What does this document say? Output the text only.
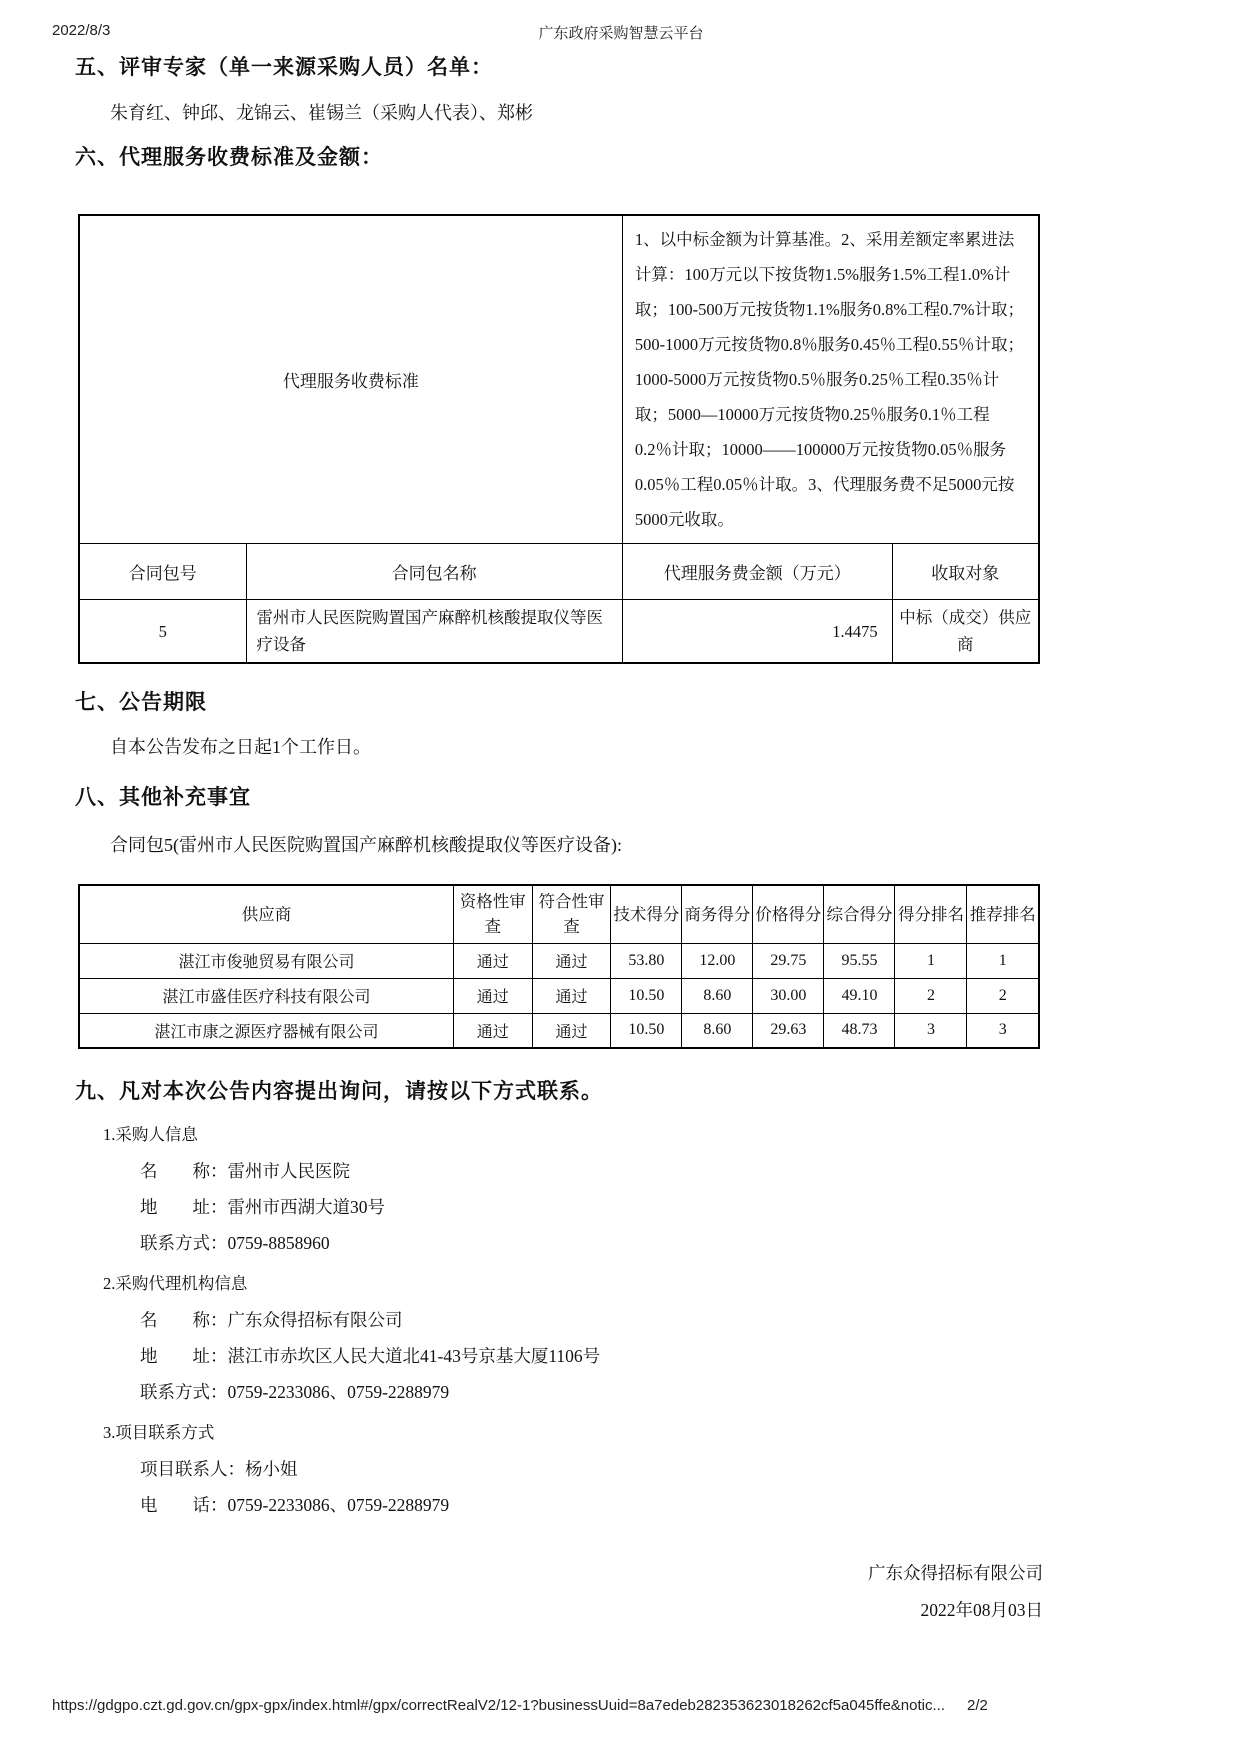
2022/8/3	广东政府采购智慧云平台
五、评审专家（单一来源采购人员）名单：
朱育红、钟邱、龙锦云、崔锡兰（采购人代表）、郑彬
六、代理服务收费标准及金额：
代理服务收费标准		1、以中标金额为计算基准。2、采用差额定率累进法计算：100万元以下按货物1.5%服务1.5%工程1.0%计取；100-500万元按货物1.1%服务0.8%工程0.7%计取；500-1000万元按货物0.8％服务0.45％工程0.55％计取；1000-5000万元按货物0.5％服务0.25％工程0.35％计取；5000—10000万元按货物0.25％服务0.1％工程0.2％计取；10000——100000万元按货物0.05％服务0.05％工程0.05％计取。3、代理服务费不足5000元按5000元收取。	
合同包号	合同包名称	代理服务费金额（万元）	收取对象
5	雷州市人民医院购置国产麻醉机核酸提取仪等医疗设备	1.4475	中标（成交）供应商
七、公告期限
自本公告发布之日起1个工作日。
八、其他补充事宜
合同包5(雷州市人民医院购置国产麻醉机核酸提取仪等医疗设备):
供应商	资格性审查	符合性审查	技术得分	商务得分	价格得分	综合得分	得分排名	推荐排名
湛江市俊驰贸易有限公司	通过	通过	53.80	12.00	29.75	95.55	1	1
湛江市盛佳医疗科技有限公司	通过	通过	10.50	8.60	30.00	49.10	2	2
湛江市康之源医疗器械有限公司	通过	通过	10.50	8.60	29.63	48.73	3	3
九、凡对本次公告内容提出询问，请按以下方式联系。
1.采购人信息
名　　称：雷州市人民医院
地　　址：雷州市西湖大道30号
联系方式：0759-8858960
2.采购代理机构信息
名　　称：广东众得招标有限公司
地　　址：湛江市赤坎区人民大道北41-43号京基大厦1106号
联系方式：0759-2233086、0759-2288979
3.项目联系方式
项目联系人：杨小姐
电　　话：0759-2233086、0759-2288979
广东众得招标有限公司
2022年08月03日
https://gdgpo.czt.gd.gov.cn/gpx-gpx/index.html#/gpx/correctRealV2/12-1?businessUuid=8a7edeb282353623018262cf5a045ffe&notic... 2/2
